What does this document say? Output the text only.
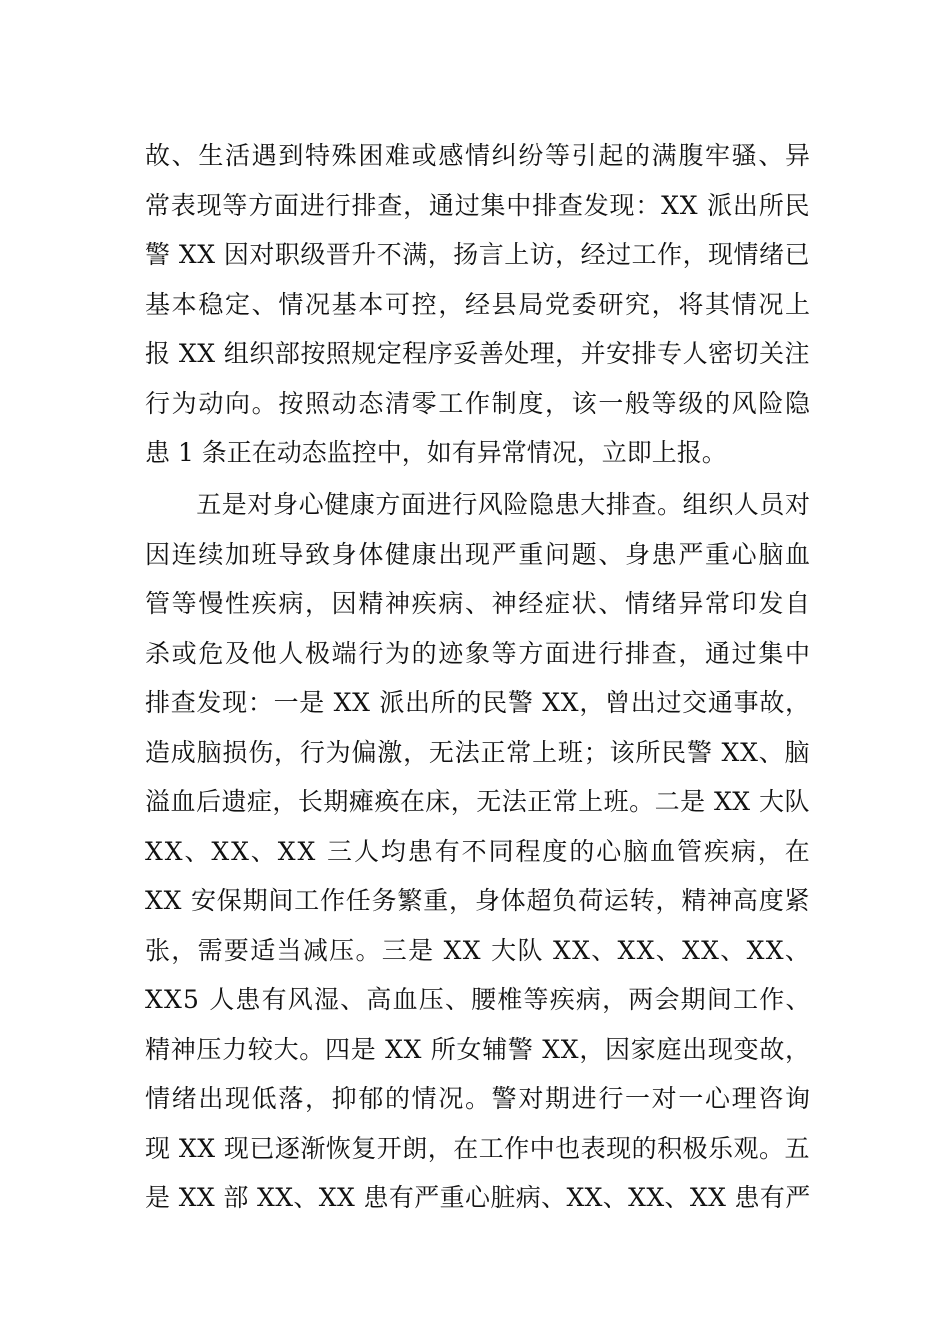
故、生活遇到特殊困难或感情纠纷等引起的满腹牢骚、异
常表现等方面进行排查，通过集中排查发现：XX 派出所民
警 XX 因对职级晋升不满，扬言上访，经过工作，现情绪已
基本稳定、情况基本可控，经县局党委研究，将其情况上
报 XX 组织部按照规定程序妥善处理，并安排专人密切关注
行为动向。按照动态清零工作制度，该一般等级的风险隐
患 1 条正在动态监控中，如有异常情况，立即上报。
　　五是对身心健康方面进行风险隐患大排查。组织人员对
因连续加班导致身体健康出现严重问题、身患严重心脑血
管等慢性疾病，因精神疾病、神经症状、情绪异常印发自
杀或危及他人极端行为的迹象等方面进行排查，通过集中
排查发现：一是 XX 派出所的民警 XX，曾出过交通事故，
造成脑损伤，行为偏激，无法正常上班；该所民警 XX、脑
溢血后遗症，长期瘫痪在床，无法正常上班。二是 XX 大队
XX、XX、XX 三人均患有不同程度的心脑血管疾病，在
XX 安保期间工作任务繁重，身体超负荷运转，精神高度紧
张，需要适当减压。三是 XX 大队 XX、XX、XX、XX、
XX5 人患有风湿、高血压、腰椎等疾病，两会期间工作、
精神压力较大。四是 XX 所女辅警 XX，因家庭出现变故，
情绪出现低落，抑郁的情况。警对期进行一对一心理咨询
现 XX 现已逐渐恢复开朗，在工作中也表现的积极乐观。五
是 XX 部 XX、XX 患有严重心脏病、XX、XX、XX 患有严
